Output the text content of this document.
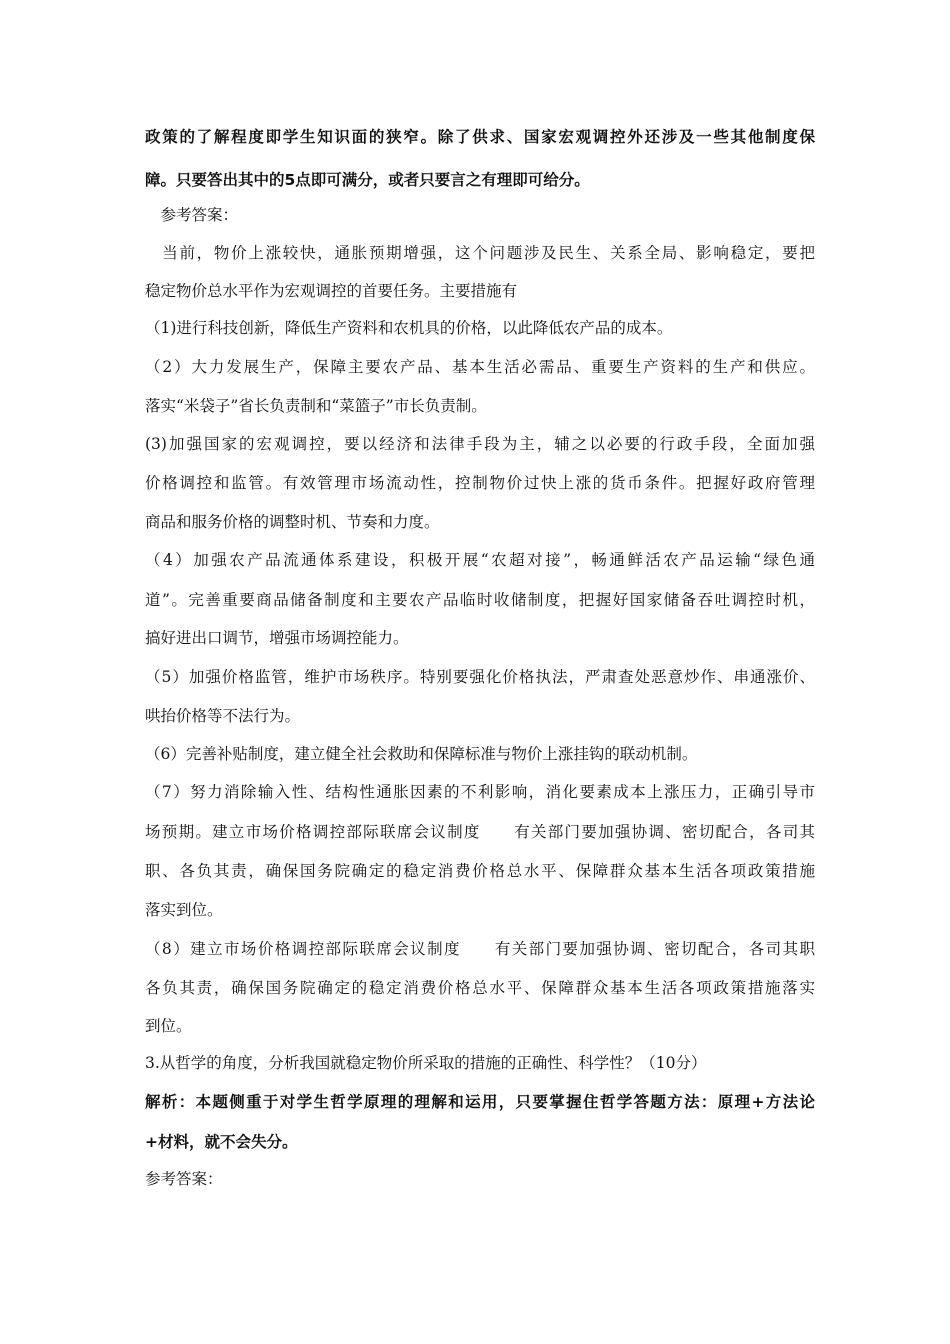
政策的了解程度即学生知识面的狭窄。除了供求、国家宏观调控外还涉及一些其他制度保
障。只要答出其中的5点即可满分，或者只要言之有理即可给分。
　参考答案：
　当前，物价上涨较快，通胀预期增强，这个问题涉及民生、关系全局、影响稳定，要把
稳定物价总水平作为宏观调控的首要任务。主要措施有
（1)进行科技创新，降低生产资料和农机具的价格，以此降低农产品的成本。
（2）大力发展生产，保障主要农产品、基本生活必需品、重要生产资料的生产和供应。
落实“米袋子”省长负责制和“菜篮子”市长负责制。
(3)加强国家的宏观调控，要以经济和法律手段为主，辅之以必要的行政手段，全面加强
价格调控和监管。有效管理市场流动性，控制物价过快上涨的货币条件。把握好政府管理
商品和服务价格的调整时机、节奏和力度。
（4）加强农产品流通体系建设，积极开展“农超对接”，畅通鲜活农产品运输“绿色通
道”。完善重要商品储备制度和主要农产品临时收储制度，把握好国家储备吞吐调控时机，
搞好进出口调节，增强市场调控能力。
（5）加强价格监管，维护市场秩序。特别要强化价格执法，严肃查处恶意炒作、串通涨价、
哄抬价格等不法行为。
（6）完善补贴制度，建立健全社会救助和保障标准与物价上涨挂钩的联动机制。
（7）努力消除输入性、结构性通胀因素的不利影响，消化要素成本上涨压力，正确引导市
场预期。建立市场价格调控部际联席会议制度　　有关部门要加强协调、密切配合，各司其
职、各负其责，确保国务院确定的稳定消费价格总水平、保障群众基本生活各项政策措施
落实到位。
（8）建立市场价格调控部际联席会议制度　　有关部门要加强协调、密切配合，各司其职
各负其责，确保国务院确定的稳定消费价格总水平、保障群众基本生活各项政策措施落实
到位。
3.从哲学的角度，分析我国就稳定物价所采取的措施的正确性、科学性？（10分）
解析：本题侧重于对学生哲学原理的理解和运用，只要掌握住哲学答题方法：原理+方法论
+材料，就不会失分。
参考答案：
